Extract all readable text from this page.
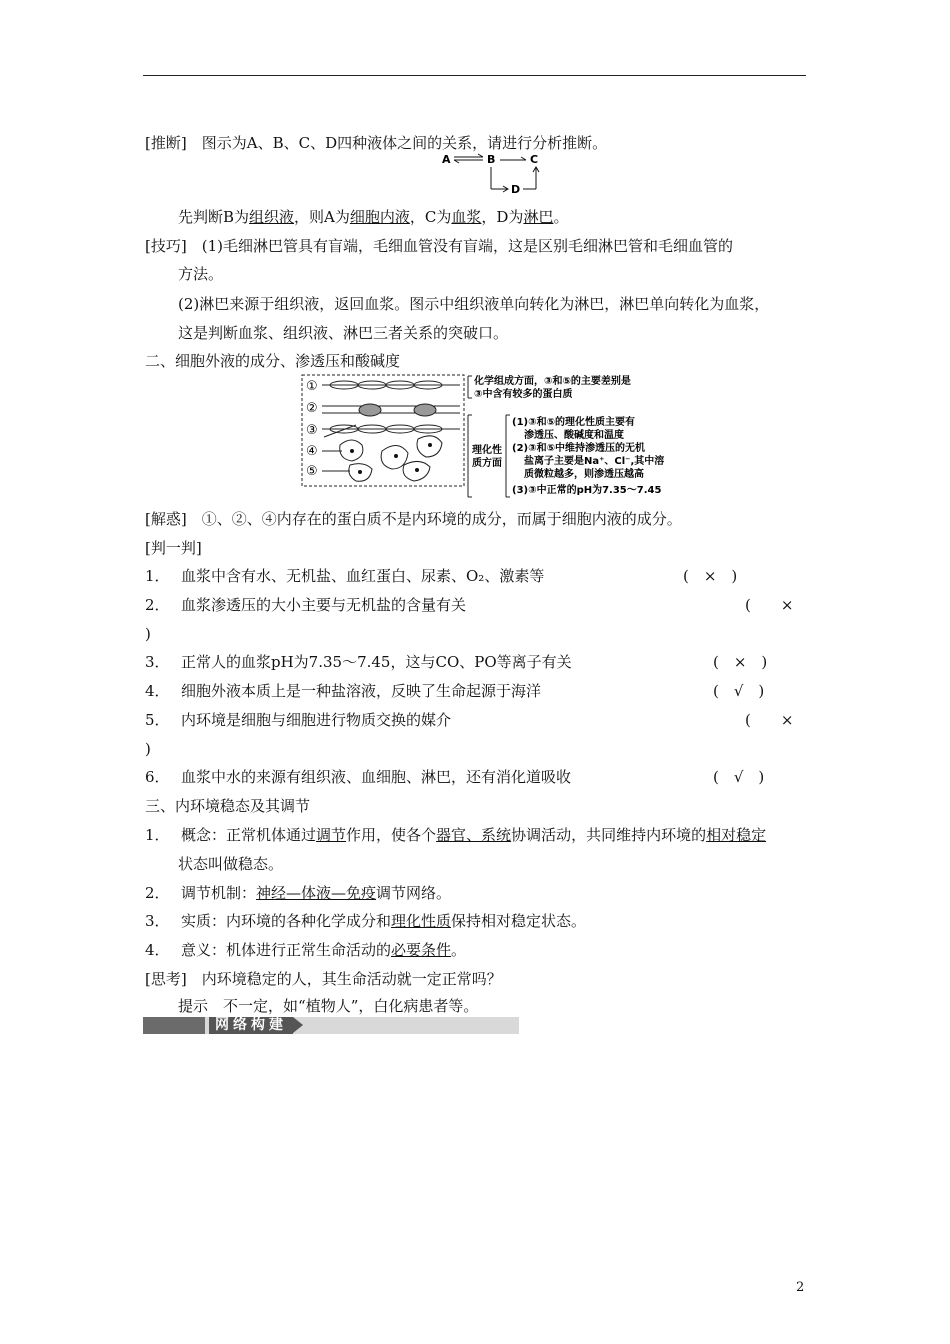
[推断]　 图示为A、B、C、D四种液体之间的关系，请进行分析推断。
A	B	C
D
先判断B为组织液，则A为细胞内液，C为血浆，D为淋巴。
[技巧]　 (1)毛细淋巴管具有盲端，毛细血管没有盲端，这是区别毛细淋巴管和毛细血管的
方法。
(2)淋巴来源于组织液，返回血浆。图示中组织液单向转化为淋巴，淋巴单向转化为血浆，
这是判断血浆、组织液、淋巴三者关系的突破口。
二、细胞外液的成分、渗透压和酸碱度
①
②
③
④
⑤
化学组成方面，③和⑤的主要差别是
③中含有较多的蛋白质
理化性
质方面
(1)③和⑤的理化性质主要有
渗透压、酸碱度和温度
(2)③和⑤中维持渗透压的无机
盐离子主要是Na⁺、Cl⁻,其中溶
质微粒越多，则渗透压越高
(3)③中正常的pH为7.35～7.45
[解惑]　 ①、②、④内存在的蛋白质不是内环境的成分，而属于细胞内液的成分。
[判一判]
1． 血浆中含有水、无机盐、血红蛋白、尿素、O₂、激素等	(　×　)
2． 血浆渗透压的大小主要与无机盐的含量有关	(　　×
)
3． 正常人的血浆pH为7.35～7.45，这与CO、PO等离子有关	(　×　)
4． 细胞外液本质上是一种盐溶液，反映了生命起源于海洋	(　√　)
5． 内环境是细胞与细胞进行物质交换的媒介	(　　×
)
6． 血浆中水的来源有组织液、血细胞、淋巴，还有消化道吸收	(　√　)
三、内环境稳态及其调节
1． 概念：正常机体通过调节作用，使各个器官、系统协调活动，共同维持内环境的相对稳定
状态叫做稳态。
2． 调节机制：神经—体液—免疫调节网络。
3． 实质：内环境的各种化学成分和理化性质保持相对稳定状态。
4． 意义：机体进行正常生命活动的必要条件。
[思考]　 内环境稳定的人，其生命活动就一定正常吗？
提示　 不一定，如“植物人”，白化病患者等。
网络构建
2
